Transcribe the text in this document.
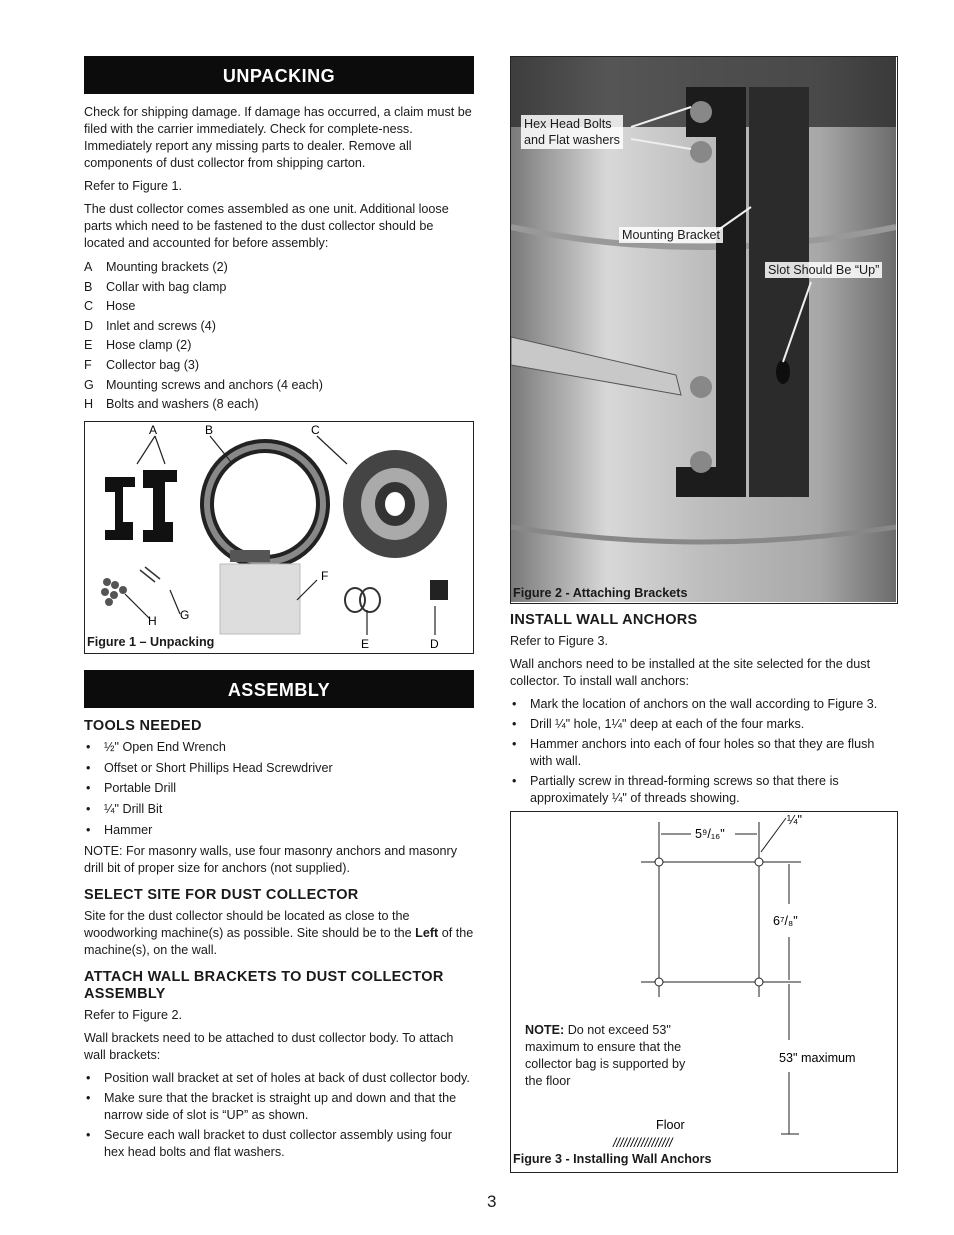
UNPACKING

Check for shipping damage. If damage has occurred, a claim must be filed with the carrier immediately. Check for complete-ness. Immediately report any missing parts to dealer. Remove all components of dust collector from shipping carton.

Refer to Figure 1.

The dust collector comes assembled as one unit. Additional loose parts which need to be fastened to the dust collector should be located and accounted for before assembly:

A	Mounting brackets (2)
B	Collar with bag clamp
C	Hose
D	Inlet and screws (4)
E	Hose clamp (2)
F	Collector bag (3)
G Mounting screws and anchors (4 each)
H	Bolts and washers (8 each)
A	B	C
F
G
H
E	D
Figure 1 – Unpacking
ASSEMBLY
TOOLS NEEDED
• ½" Open End Wrench
• Offset or Short Phillips Head Screwdriver
• Portable Drill
• ¼" Drill Bit
• Hammer

NOTE: For masonry walls, use four masonry anchors and masonry drill bit of proper size for anchors (not supplied).

SELECT SITE FOR DUST COLLECTOR

Site for the dust collector should be located as close to the woodworking machine(s) as possible. Site should be to the Left of the machine(s), on the wall.

ATTACH WALL BRACKETS TO DUST COLLECTOR ASSEMBLY

Refer to Figure 2.

Wall brackets need to be attached to dust collector body. To attach wall brackets:

• Position wall bracket at set of holes at back of dust collector body.
• Make sure that the bracket is straight up and down and that the narrow side of slot is “UP” as shown.
• Secure each wall bracket to dust collector assembly using four hex head bolts and flat washers.
Hex Head Bolts
and Flat washers
Mounting Bracket
Slot Should Be “Up”
Figure 2 - Attaching Brackets
INSTALL WALL ANCHORS

Refer to Figure 3.

Wall anchors need to be installed at the site selected for the dust collector. To install wall anchors:

• Mark the location of anchors on the wall according to Figure 3.
• Drill ¼" hole, 1¼" deep at each of the four marks.
• Hammer anchors into each of four holes so that they are flush with wall.
• Partially screw in thread-forming screws so that there is approximately ¼" of threads showing.
5⁹/₁₆"
¼"
6⁷/₈"
53" maximum
Floor
/////////////////
NOTE: Do not exceed 53" maximum to ensure that the collector bag is supported by the floor
Figure 3 - Installing Wall Anchors
3
